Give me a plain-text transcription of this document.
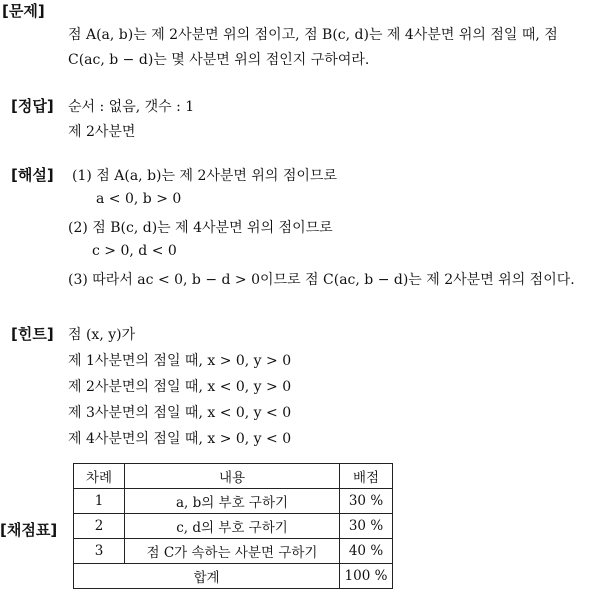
[문제]
점 A(a, b)는 제 2사분면 위의 점이고, 점 B(c, d)는 제 4사분면 위의 점일 때, 점
C(ac, b − d)는 몇 사분면 위의 점인지 구하여라.
[정답] 순서 : 없음, 갯수 : 1
제 2사분면
[해설] (1) 점 A(a, b)는 제 2사분면 위의 점이므로
a < 0, b > 0
(2) 점 B(c, d)는 제 4사분면 위의 점이므로
c > 0, d < 0
(3) 따라서 ac < 0, b − d > 0이므로 점 C(ac, b − d)는 제 2사분면 위의 점이다.
[힌트] 점 (x, y)가
제 1사분면의 점일 때, x > 0, y > 0
제 2사분면의 점일 때, x < 0, y > 0
제 3사분면의 점일 때, x < 0, y < 0
제 4사분면의 점일 때, x > 0, y < 0
[채점표]
차례	내용	배점
1	a, b의 부호 구하기	30 %
2	c, d의 부호 구하기	30 %
3	점 C가 속하는 사분면 구하기	40 %
합계		100 %
